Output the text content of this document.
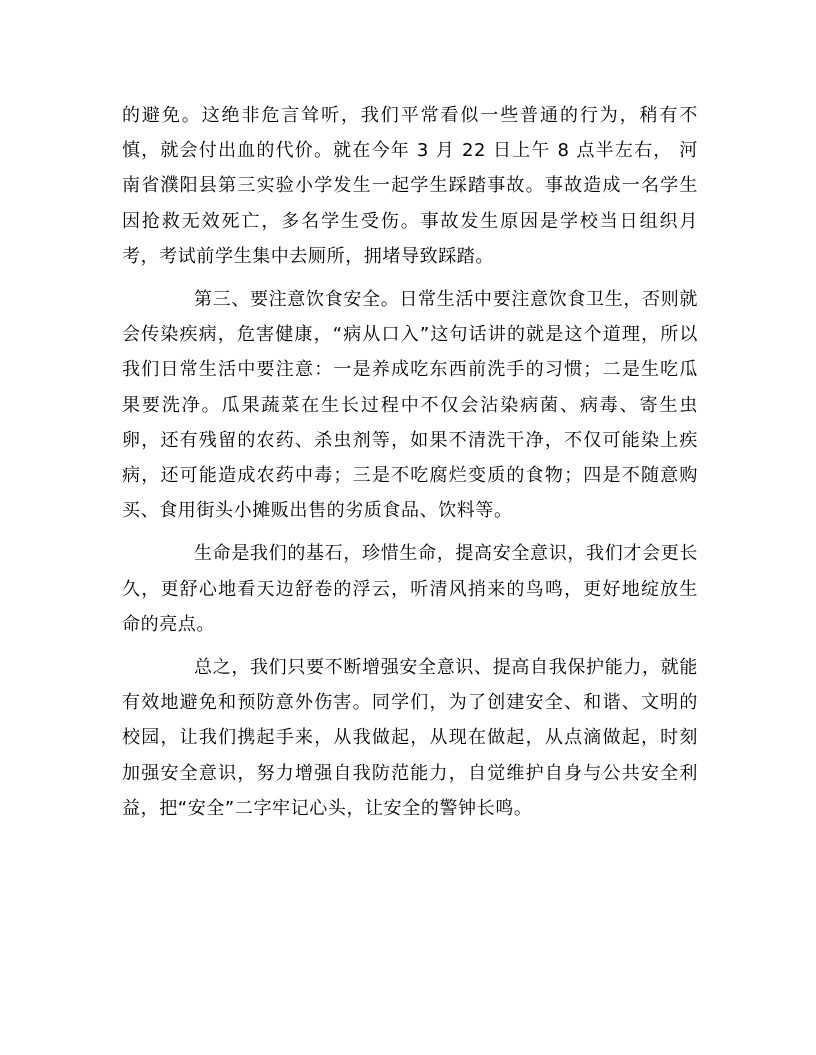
的避免。这绝非危言耸听，我们平常看似一些普通的行为，稍有不慎，就会付出血的代价。就在今年 3 月 22 日上午 8 点半左右， 河南省濮阳县第三实验小学发生一起学生踩踏事故。事故造成一名学生因抢救无效死亡，多名学生受伤。事故发生原因是学校当日组织月考，考试前学生集中去厕所，拥堵导致踩踏。

第三、要注意饮食安全。日常生活中要注意饮食卫生，否则就会传染疾病，危害健康，“病从口入”这句话讲的就是这个道理，所以我们日常生活中要注意：一是养成吃东西前洗手的习惯；二是生吃瓜果要洗净。瓜果蔬菜在生长过程中不仅会沾染病菌、病毒、寄生虫卵，还有残留的农药、杀虫剂等，如果不清洗干净，不仅可能染上疾病，还可能造成农药中毒；三是不吃腐烂变质的食物；四是不随意购买、食用街头小摊贩出售的劣质食品、饮料等。

生命是我们的基石，珍惜生命，提高安全意识，我们才会更长久，更舒心地看天边舒卷的浮云，听清风捎来的鸟鸣，更好地绽放生命的亮点。

总之，我们只要不断增强安全意识、提高自我保护能力，就能有效地避免和预防意外伤害。同学们，为了创建安全、和谐、文明的校园，让我们携起手来，从我做起，从现在做起，从点滴做起，时刻加强安全意识，努力增强自我防范能力，自觉维护自身与公共安全利益，把“安全”二字牢记心头，让安全的警钟长鸣。
